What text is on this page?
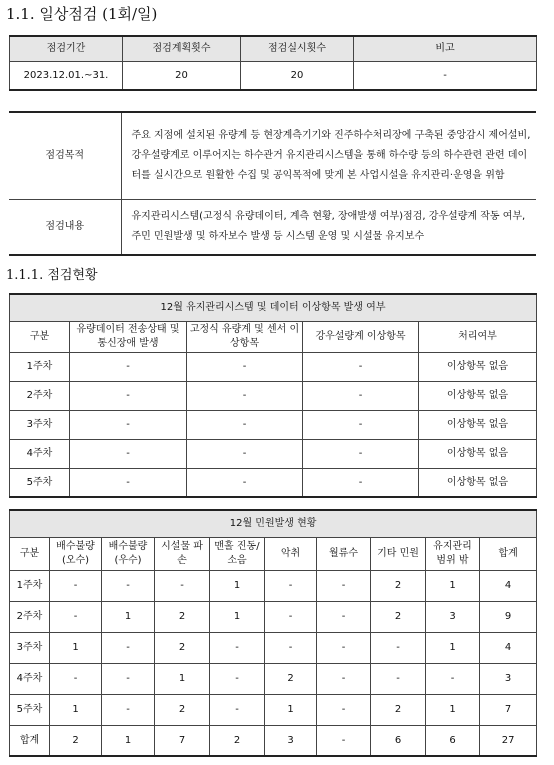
1.1. 일상점검 (1회/일)
점검기간	점검계획횟수	점검실시횟수	비고
2023.12.01.~31.	20	20	-
점검목적	주요 지점에 설치된 유량계 등 현장계측기기와 진주하수처리장에 구축된 중앙감시 제어설비, 강우설량계로 이루어지는 하수관거 유지관리시스템을 통해 하수량 등의 하수관련 관련 데이터를 실시간으로 원활한 수집 및 공익목적에 맞게 본 사업시설을 유지관리·운영을 위함
점검내용	유지관리시스템(고정식 유량데이터, 계측 현황, 장애발생 여부)점검, 강우설량계 작동 여부, 주민 민원발생 및 하자보수 발생 등 시스템 운영 및 시설물 유지보수
1.1.1. 점검현황
12월 유지관리시스템 및 데이터 이상항목 발생 여부				
구분	유량데이터 전송상태 및 통신장애 발생	고정식 유량계 및 센서 이상항목	강우설량계 이상항목	처리여부
1주차	-	-	-	이상항목 없음
2주차	-	-	-	이상항목 없음
3주차	-	-	-	이상항목 없음
4주차	-	-	-	이상항목 없음
5주차	-	-	-	이상항목 없음
12월 민원발생 현황									
구분	배수불량 (오수)	배수불량 (우수)	시설물 파손	맨홀 진동/소음	악취	월류수	기타 민원	유지관리 범위 밖	합계
1주차	-	-	-	1	-	-	2	1	4
2주차	-	1	2	1	-	-	2	3	9
3주차	1	-	2	-	-	-	-	1	4
4주차	-	-	1	-	2	-	-	-	3
5주차	1	-	2	-	1	-	2	1	7
합계	2	1	7	2	3	-	6	6	27
